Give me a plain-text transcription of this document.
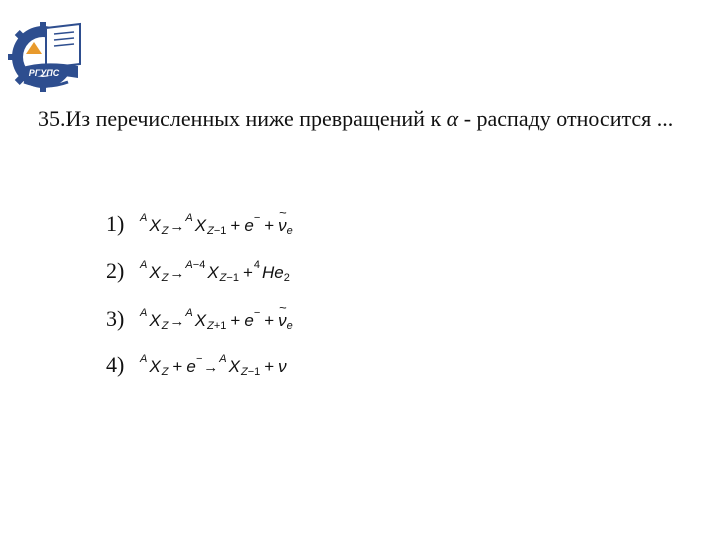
РГУПС

35.Из перечисленных ниже превращений к α - распаду относится ...

1)	$^A$ $X_Z \to^A$ X $_{Z-1}$ + e− +
~
$\nu_e$
2)	$^A$ $X_Z \to ^{A-4}$ X $_{Z-1}$ +$^4$ $He_2$
3)	$^A$ $X_Z \to^A$ X $_{Z+1}$ + e− +
~
$\nu_e$
4)	$^A$ $X_Z + e^- \to^A$ X $_{Z-1}$ + ν
